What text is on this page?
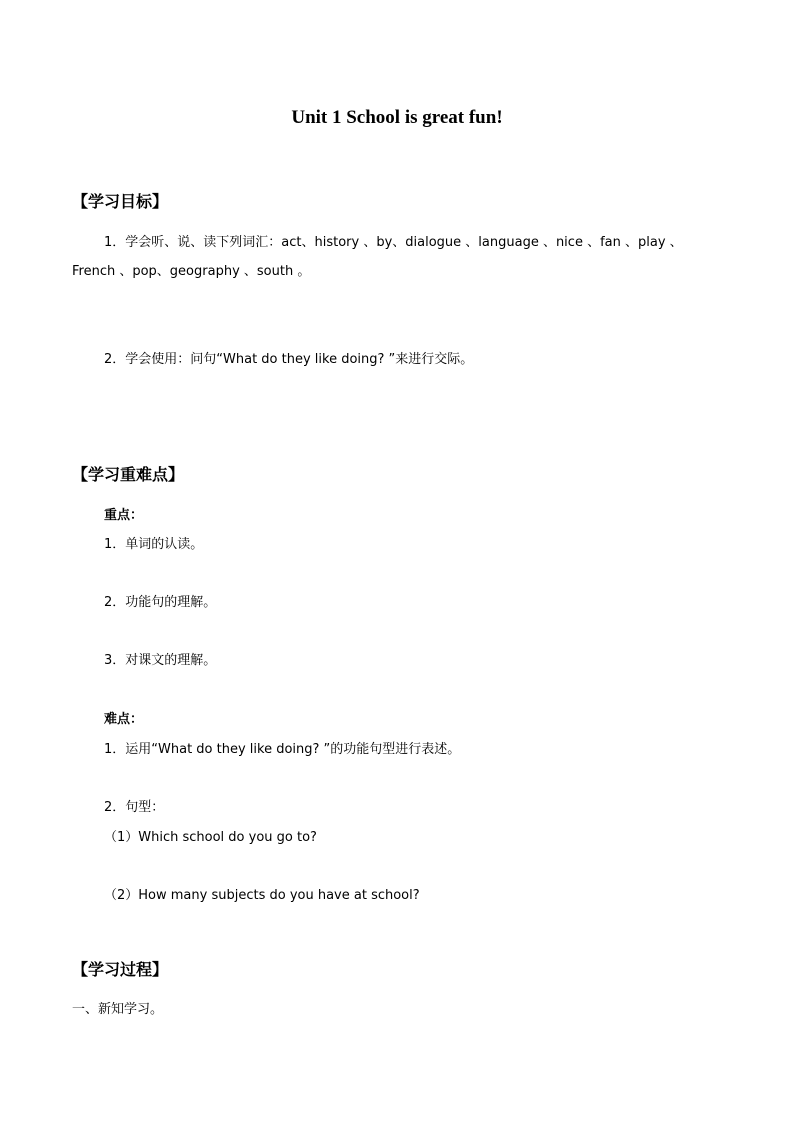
Unit 1 School is great fun!
【学习目标】
1．学会听、说、读下列词汇：act、history 、by、dialogue 、language 、nice 、fan 、play 、
French 、pop、geography 、south 。
2．学会使用：问句“What do they like doing? ”来进行交际。
【学习重难点】
重点：
1．单词的认读。
2．功能句的理解。
3．对课文的理解。
难点：
1．运用“What do they like doing? ”的功能句型进行表述。
2．句型：
（1）Which school do you go to?
（2）How many subjects do you have at school?
【学习过程】
一、新知学习。
